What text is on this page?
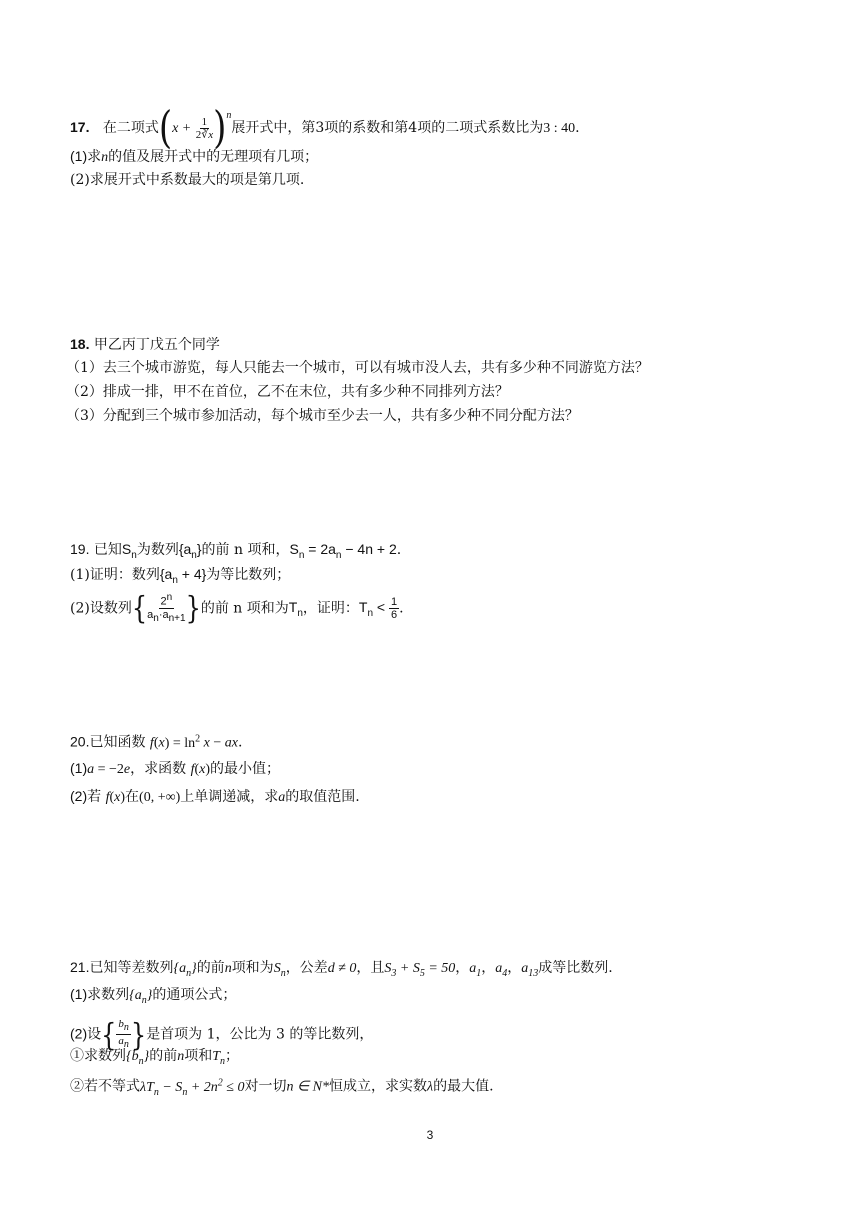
17. 在二项式$(x + \frac{1}{2∛x} )^n$展开式中，第3项的系数和第4项的二项式系数比为3 : 40.
(1)求n的值及展开式中的无理项有几项；
(2)求展开式中系数最大的项是第几项.
18. 甲乙丙丁戊五个同学
（1）去三个城市游览，每人只能去一个城市，可以有城市没人去，共有多少种不同游览方法？
（2）排成一排，甲不在首位，乙不在末位，共有多少种不同排列方法？
（3）分配到三个城市参加活动，每个城市至少去一人，共有多少种不同分配方法？
19. 已知$S_n$为数列$\{a_n\}$的前 n 项和，$S_n = 2a_n - 4n + 2$.
(1)证明：数列$\{a_n + 4\}$为等比数列；
(2)设数列{ $\frac{2^n}{a_n\cdot a_{n+1}}$ }的前 n 项和为$T_n$，证明：$T_n < \frac{1}{6}$ .
20.已知函数 $f(x) = \ln^2 x$ − ax.
(1)a = −2e，求函数 f(x)的最小值；
(2)若 f(x)在(0, +∞)上单调递减，求a的取值范围.
21.已知等差数列$\{a_n\}$的前n项和为$S_n$，公差d ≠ 0，且$S_3 + S_5 = 50$，$a_1$，$a_4$，$a_{13}$成等比数列.
(1)求数列$\{a_n\}$的通项公式；
(2)设{ $\frac{b_n}{a_n}$ }是首项为 1，公比为 3 的等比数列，
①求数列$\{b_n\}$的前n项和$T_n$；
②若不等式$\lambda T_n - S_n + 2n^2 \le 0$对一切n ∈ N*恒成立，求实数λ的最大值.
3
